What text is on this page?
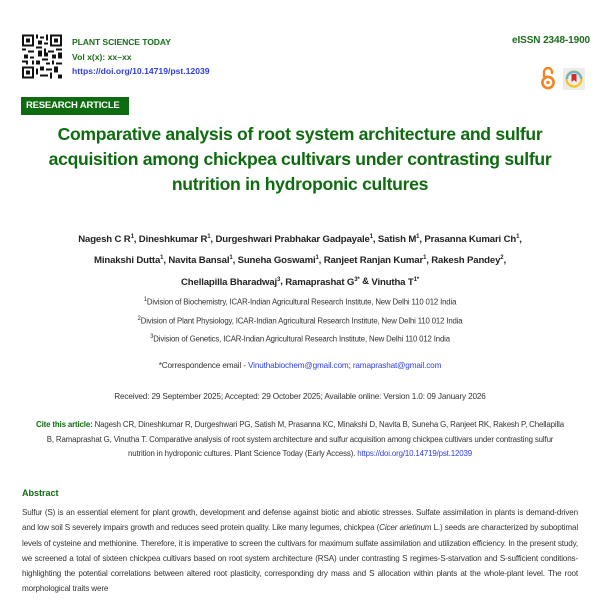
PLANT SCIENCE TODAY
Vol x(x): xx–xx
https://doi.org/10.14719/pst.12039
eISSN 2348-1900
RESEARCH ARTICLE
Comparative analysis of root system architecture and sulfur
acquisition among chickpea cultivars under contrasting sulfur
nutrition in hydroponic cultures
Nagesh C $R^1$, Dineshkumar $R^1$, Durgeshwari Prabhakar Gadpayale$^1$, Satish $M^1$, Prasanna Kumari Ch$^1$,
Minakshi Dutta$^1$, Navita Bansal$^1$, Suneha Goswami$^1$, Ranjeet Ranjan Kumar$^1$, Rakesh Pandey$^2$,
Chellapilla Bharadwaj$^3$, Ramaprashat $G^{3*}$ & Vinutha $T^{1*}$
$^1$Division of Biochemistry, ICAR-Indian Agricultural Research Institute, New Delhi 110 012 India
$^2$Division of Plant Physiology, ICAR-Indian Agricultural Research Institute, New Delhi 110 012 India
$^3$Division of Genetics, ICAR-Indian Agricultural Research Institute, New Delhi 110 012 India
*Correspondence email - Vinuthabiochem@gmail.com; ramaprashat@gmail.com
Received: 29 September 2025; Accepted: 29 October 2025; Available online: Version 1.0: 09 January 2026
Cite this article: Nagesh CR, Dineshkumar R, Durgeshwari PG, Satish M, Prasanna KC, Minakshi D, Navita B, Suneha G, Ranjeet RK, Rakesh P, Chellapilla B, Ramaprashat G, Vinutha T. Comparative analysis of root system architecture and sulfur acquisition among chickpea cultivars under contrasting sulfur nutrition in hydroponic cultures. Plant Science Today (Early Access). https://doi.org/10.14719/pst.12039
Abstract
Sulfur (S) is an essential element for plant growth, development and defense against biotic and abiotic stresses. Sulfate assimilation in plants is demand-driven and low soil S severely impairs growth and reduces seed protein quality. Like many legumes, chickpea (Cicer arietinum L.) seeds are characterized by suboptimal levels of cysteine and methionine. Therefore, it is imperative to screen the cultivars for maximum sulfate assimilation and utilization efficiency. In the present study, we screened a total of sixteen chickpea cultivars based on root system architecture (RSA) under contrasting S regimes-S-starvation and S-sufficient conditions-highlighting the potential correlations between altered root plasticity, corresponding dry mass and S allocation within plants at the whole-plant level. The root morphological traits were
